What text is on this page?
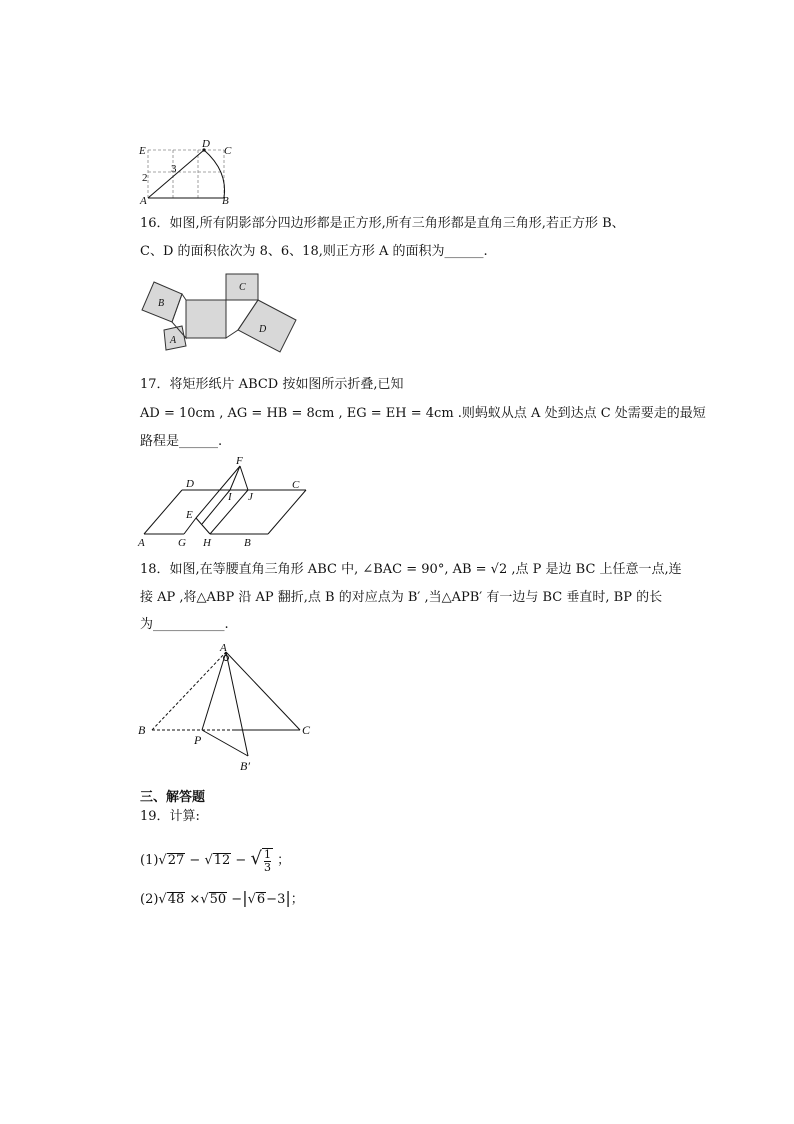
E
D
C
A	B
3
2
16．如图,所有阴影部分四边形都是正方形,所有三角形都是直角三角形,若正方形 B、
C、D 的面积依次为 8、6、18,则正方形 A 的面积为______.
B
C
D
A
17．将矩形纸片 ABCD 按如图所示折叠,已知
AD = 10cm , AG = HB = 8cm , EG = EH = 4cm .则蚂蚁从点 A 处到达点 C 处需要走的最短
路程是______.
F
D
I J
C
E
A	G H	B
18．如图,在等腰直角三角形 ABC 中, ∠BAC = 90°, AB = √2 ,点 P 是边 BC 上任意一点,连
接 AP ,将△ABP 沿 AP 翻折,点 B 的对应点为 B′ ,当△APB′ 有一边与 BC 垂直时, BP 的长
为___________.
A
B	C
P
B′
三、解答题
19．计算:
(1)√27 − √12 − √ $\frac{1}{3}$ ；
(2)√48 ×√50 −|√6−3|；
